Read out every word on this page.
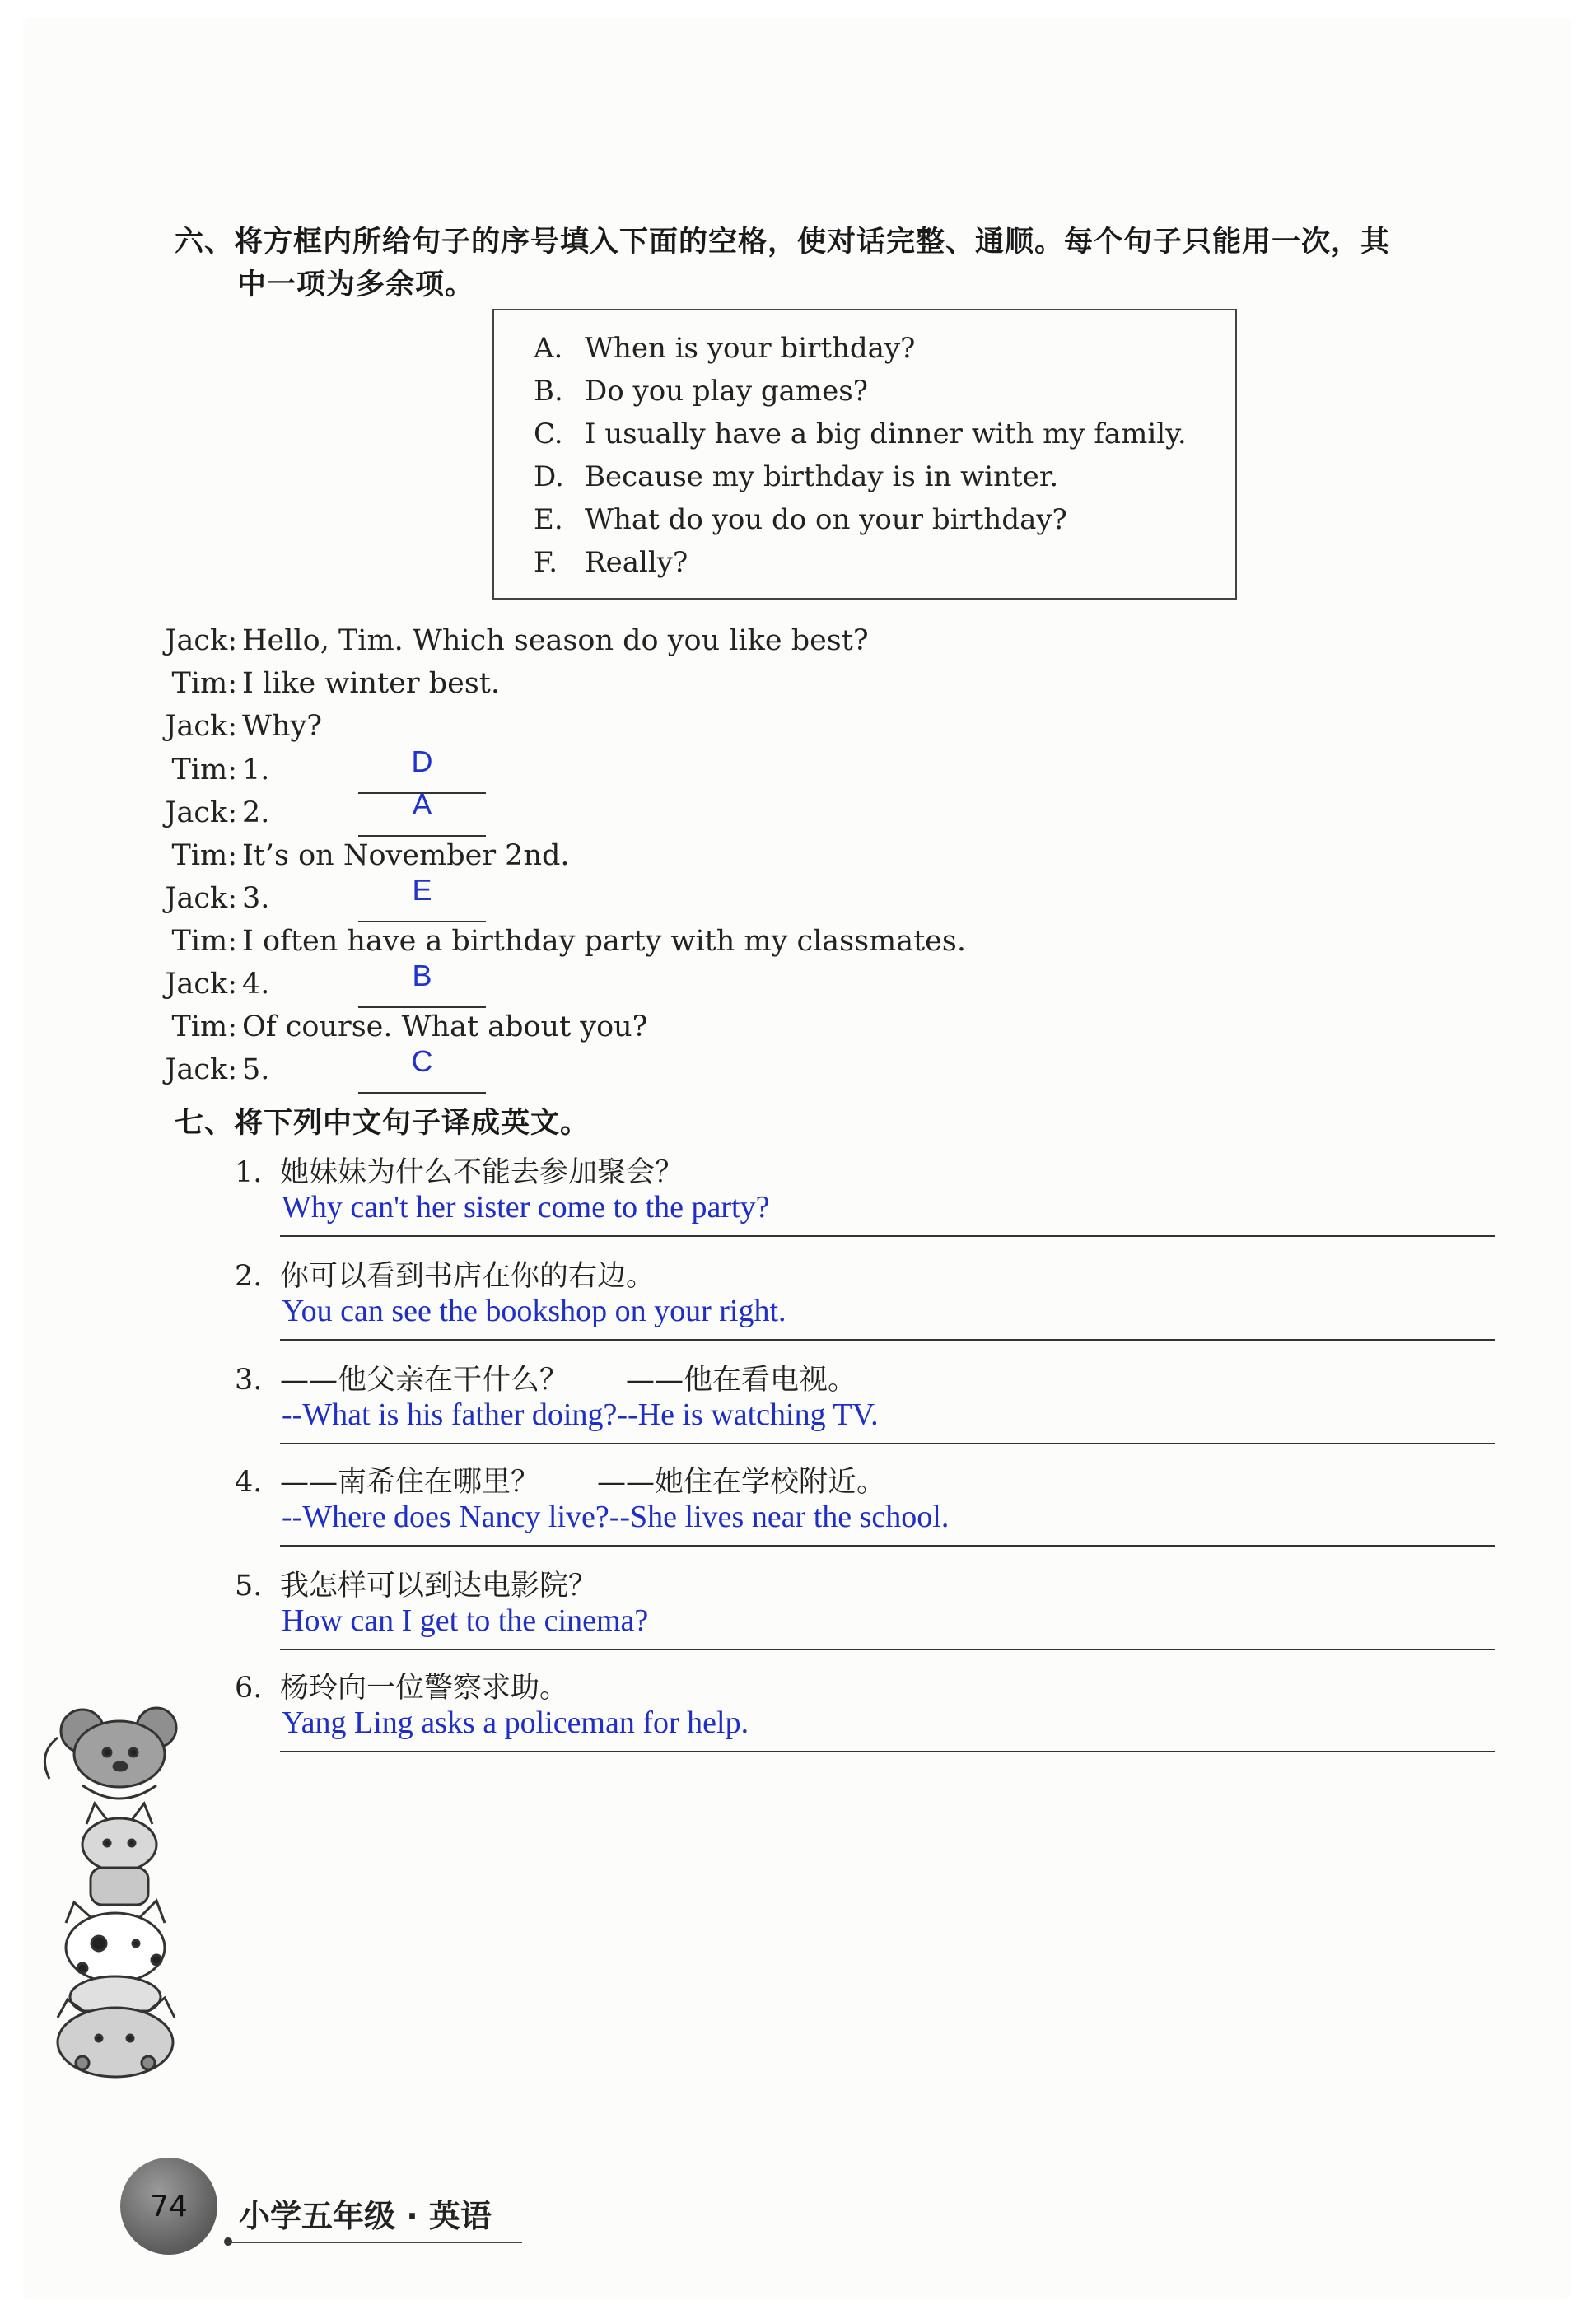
六、将方框内所给句子的序号填入下面的空格，使对话完整、通顺。每个句子只能用一次，其
中一项为多余项。
A. When is your birthday?
B. Do you play games?
C. I usually have a big dinner with my family.
D. Because my birthday is in winter.
E. What do you do on your birthday?
F. Really?
Jack: Hello, Tim. Which season do you like best?
Tim: I like winter best.
Jack: Why?
Tim: 1.	D
Jack: 2.	A
Tim: It’s on November 2nd.
Jack: 3.	E
Tim: I often have a birthday party with my classmates.
Jack: 4.	B
Tim: Of course. What about you?
Jack: 5.	C
七、将下列中文句子译成英文。
1. 她妹妹为什么不能去参加聚会？
Why can't her sister come to the party?
2. 你可以看到书店在你的右边。
You can see the bookshop on your right.
3. ——他父亲在干什么？　　——他在看电视。
--What is his father doing?--He is watching TV.
4. ——南希住在哪里？　　——她住在学校附近。
--Where does Nancy live?--She lives near the school.
5. 我怎样可以到达电影院？
How can I get to the cinema?
6. 杨玲向一位警察求助。
Yang Ling asks a policeman for help.
74	小学五年级 · 英语
